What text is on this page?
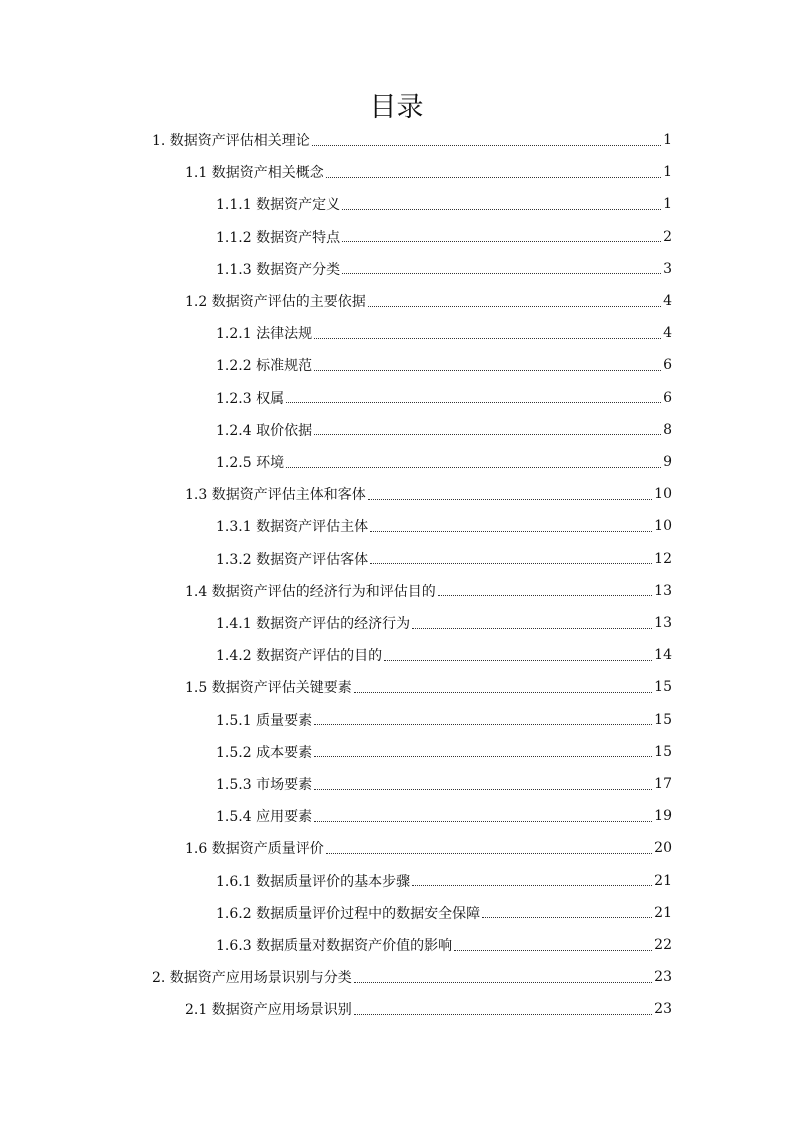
目录
1. 数据资产评估相关理论	1
1.1 数据资产相关概念	1
1.1.1 数据资产定义	1
1.1.2 数据资产特点	2
1.1.3 数据资产分类	3
1.2 数据资产评估的主要依据	4
1.2.1 法律法规	4
1.2.2 标准规范	6
1.2.3 权属	6
1.2.4 取价依据	8
1.2.5 环境	9
1.3 数据资产评估主体和客体	10
1.3.1 数据资产评估主体	10
1.3.2 数据资产评估客体	12
1.4 数据资产评估的经济行为和评估目的	13
1.4.1 数据资产评估的经济行为	13
1.4.2 数据资产评估的目的	14
1.5 数据资产评估关键要素	15
1.5.1 质量要素	15
1.5.2 成本要素	15
1.5.3 市场要素	17
1.5.4 应用要素	19
1.6 数据资产质量评价	20
1.6.1 数据质量评价的基本步骤	21
1.6.2 数据质量评价过程中的数据安全保障	21
1.6.3 数据质量对数据资产价值的影响	22
2. 数据资产应用场景识别与分类	23
2.1 数据资产应用场景识别	23
